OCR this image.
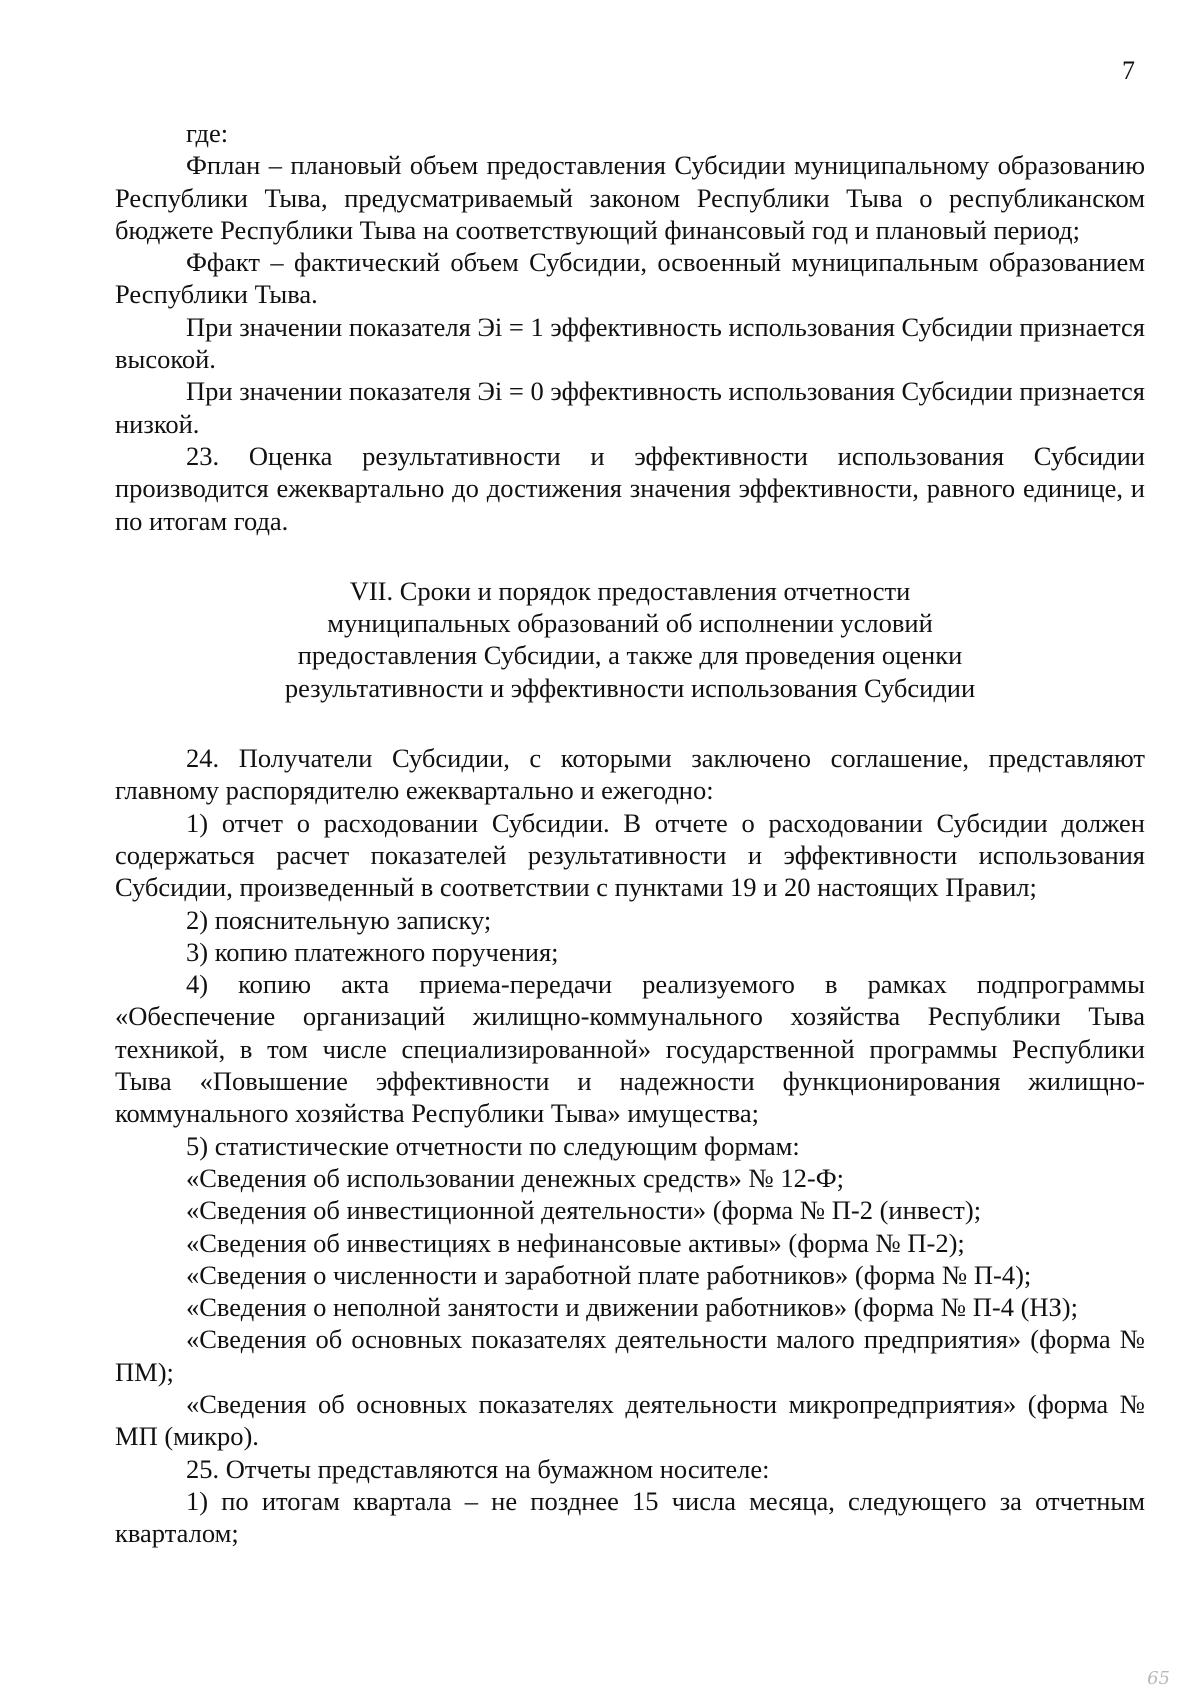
7

где:

Фплан – плановый объем предоставления Субсидии муниципальному образованию Республики Тыва, предусматриваемый законом Республики Тыва о республиканском бюджете Республики Тыва на соответствующий финансовый год и плановый период;

Ффакт – фактический объем Субсидии, освоенный муниципальным образованием Республики Тыва.

При значении показателя Эi = 1 эффективность использования Субсидии признается высокой.

При значении показателя Эi = 0 эффективность использования Субсидии признается низкой.

23. Оценка результативности и эффективности использования Субсидии производится ежеквартально до достижения значения эффективности, равного единице, и по итогам года.

VII. Сроки и порядок предоставления отчетности
муниципальных образований об исполнении условий
предоставления Субсидии, а также для проведения оценки
результативности и эффективности использования Субсидии

24. Получатели Субсидии, с которыми заключено соглашение, представляют главному распорядителю ежеквартально и ежегодно:

1) отчет о расходовании Субсидии. В отчете о расходовании Субсидии должен содержаться расчет показателей результативности и эффективности использования Субсидии, произведенный в соответствии с пунктами 19 и 20 настоящих Правил;

2) пояснительную записку;

3) копию платежного поручения;

4) копию акта приема-передачи реализуемого в рамках подпрограммы «Обеспечение организаций жилищно-коммунального хозяйства Республики Тыва техникой, в том числе специализированной» государственной программы Республики Тыва «Повышение эффективности и надежности функционирования жилищно-коммунального хозяйства Республики Тыва» имущества;

5) статистические отчетности по следующим формам:

«Сведения об использовании денежных средств» № 12-Ф;

«Сведения об инвестиционной деятельности» (форма № П-2 (инвест);

«Сведения об инвестициях в нефинансовые активы» (форма № П-2);

«Сведения о численности и заработной плате работников» (форма № П-4);

«Сведения о неполной занятости и движении работников» (форма № П-4 (НЗ);

«Сведения об основных показателях деятельности малого предприятия» (форма № ПМ);

«Сведения об основных показателях деятельности микропредприятия» (форма № МП (микро).

25. Отчеты представляются на бумажном носителе:

1) по итогам квартала – не позднее 15 числа месяца, следующего за отчетным кварталом;

65
